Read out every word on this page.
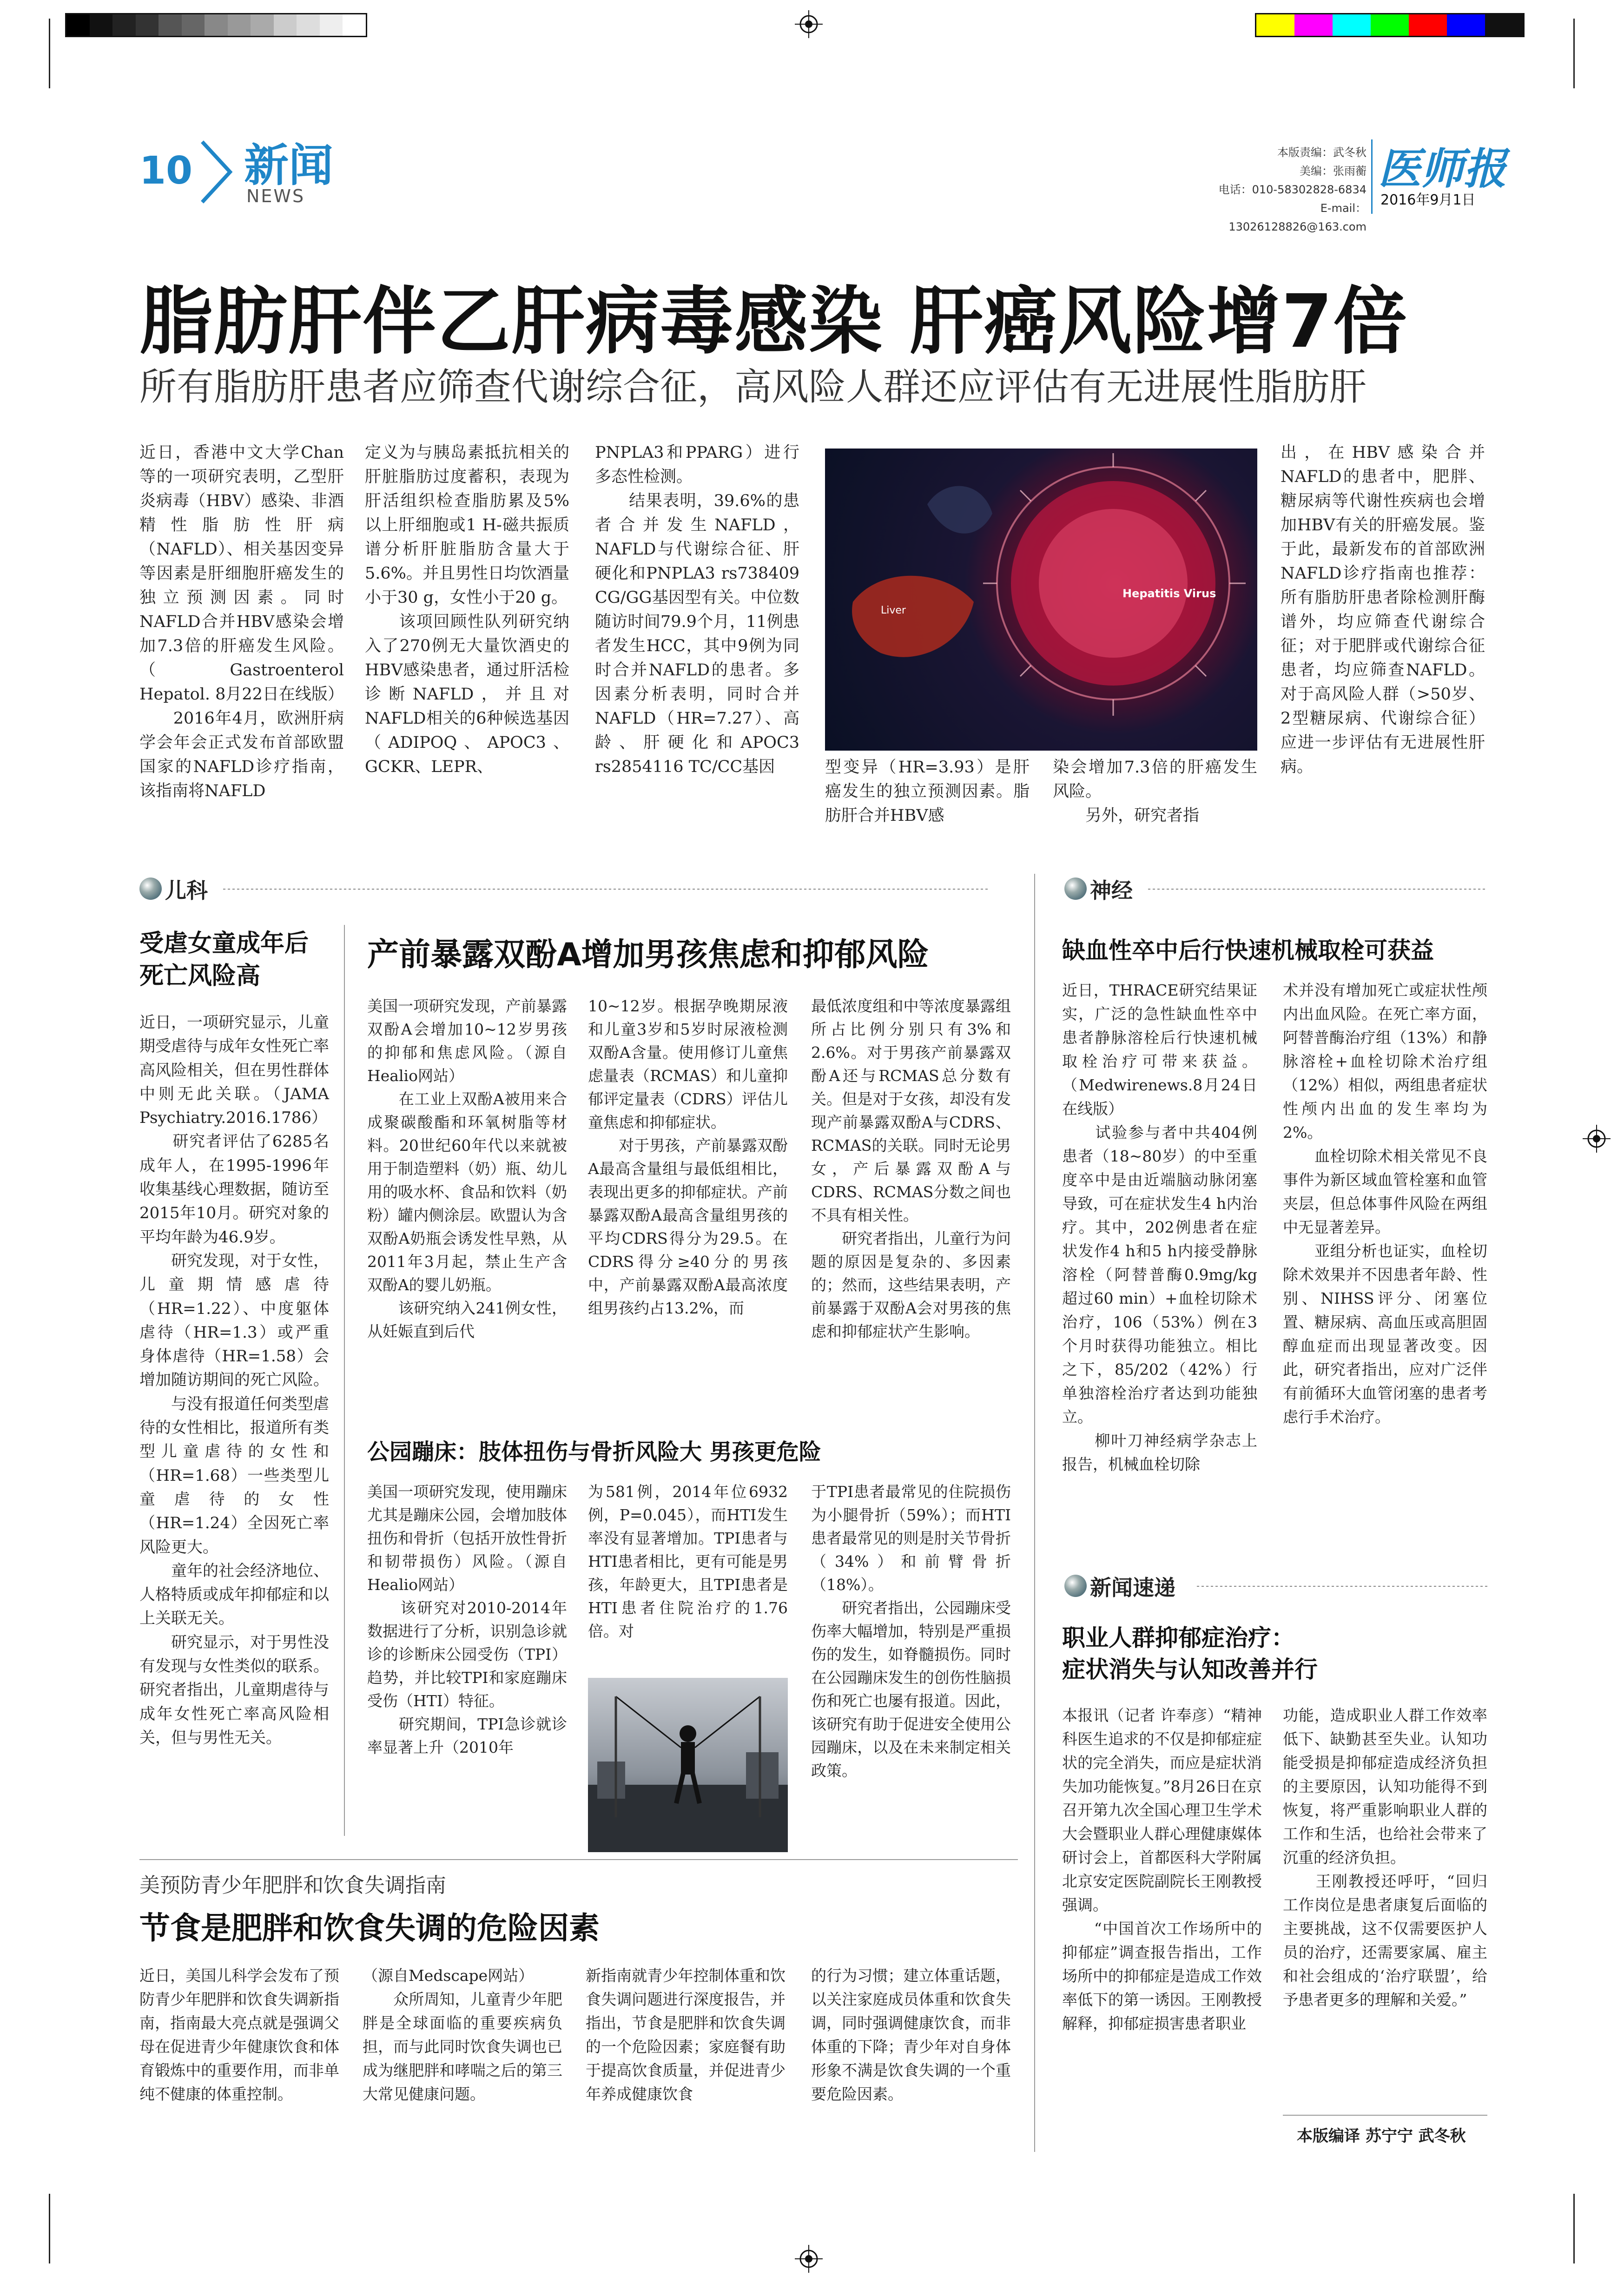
10 新闻
NEWS
本版责编：武冬秋
美编：张雨蘅
电话：010-58302828-6834
E-mail：13026128826@163.com
医师报
2016年9月1日
脂肪肝伴乙肝病毒感染 肝癌风险增7倍
所有脂肪肝患者应筛查代谢综合征，高风险人群还应评估有无进展性脂肪肝
近日，香港中文大学Chan等的一项研究表明，乙型肝炎病毒（HBV）感染、非酒精性脂肪性肝病（NAFLD）、相关基因变异等因素是肝细胞肝癌发生的独立预测因素。同时NAFLD合并HBV感染会增加7.3倍的肝癌发生风险。（Gastroenterol Hepatol. 8月22日在线版）
　　2016年4月，欧洲肝病学会年会正式发布首部欧盟国家的NAFLD诊疗指南，该指南将NAFLD
定义为与胰岛素抵抗相关的肝脏脂肪过度蓄积，表现为肝活组织检查脂肪累及5%以上肝细胞或1 H-磁共振质谱分析肝脏脂肪含量大于5.6%。并且男性日均饮酒量小于30 g，女性小于20 g。
　　该项回顾性队列研究纳入了270例无大量饮酒史的HBV感染患者，通过肝活检诊断NAFLD，并且对NAFLD相关的6种候选基因（ADIPOQ、APOC3、GCKR、LEPR、
PNPLA3和PPARG）进行多态性检测。
　　结果表明，39.6%的患者合并发生NAFLD，NAFLD与代谢综合征、肝硬化和PNPLA3 rs738409 CG/GG基因型有关。中位数随访时间79.9个月，11例患者发生HCC，其中9例为同时合并NAFLD的患者。多因素分析表明，同时合并NAFLD（HR=7.27）、高龄、肝硬化和APOC3 rs2854116 TC/CC基因	型变异（HR=3.93）是肝癌发生的独立预测因素。脂肪肝合并HBV感
染会增加7.3倍的肝癌发生风险。
　　另外，研究者指
出，在HBV感染合并NAFLD的患者中，肥胖、糖尿病等代谢性疾病也会增加HBV有关的肝癌发展。鉴于此，最新发布的首部欧洲NAFLD诊疗指南也推荐：所有脂肪肝患者除检测肝酶谱外，均应筛查代谢综合征；对于肥胖或代谢综合征患者，均应筛查NAFLD。对于高风险人群（>50岁、2型糖尿病、代谢综合征）应进一步评估有无进展性肝病。
Liver
Hepatitis Virus
儿科	神经
受虐女童成年后
死亡风险高
近日，一项研究显示，儿童期受虐待与成年女性死亡率高风险相关，但在男性群体中则无此关联。（JAMA Psychiatry.2016.1786）
　　研究者评估了6285名成年人，在1995-1996年收集基线心理数据，随访至2015年10月。研究对象的平均年龄为46.9岁。
　　研究发现，对于女性，儿童期情感虐待（HR=1.22）、中度躯体虐待（HR=1.3）或严重身体虐待（HR=1.58）会增加随访期间的死亡风险。
　　与没有报道任何类型虐待的女性相比，报道所有类型儿童虐待的女性和（HR=1.68）一些类型儿童虐待的女性（HR=1.24）全因死亡率风险更大。
　　童年的社会经济地位、人格特质或成年抑郁症和以上关联无关。
　　研究显示，对于男性没有发现与女性类似的联系。研究者指出，儿童期虐待与成年女性死亡率高风险相关，但与男性无关。
产前暴露双酚A增加男孩焦虑和抑郁风险
美国一项研究发现，产前暴露双酚A会增加10~12岁男孩的抑郁和焦虑风险。（源自Healio网站）
　　在工业上双酚A被用来合成聚碳酸酯和环氧树脂等材料。20世纪60年代以来就被用于制造塑料（奶）瓶、幼儿用的吸水杯、食品和饮料（奶粉）罐内侧涂层。欧盟认为含双酚A奶瓶会诱发性早熟，从2011年3月起，禁止生产含双酚A的婴儿奶瓶。
　　该研究纳入241例女性，从妊娠直到后代
10~12岁。根据孕晚期尿液和儿童3岁和5岁时尿液检测双酚A含量。使用修订儿童焦虑量表（RCMAS）和儿童抑郁评定量表（CDRS）评估儿童焦虑和抑郁症状。
　　对于男孩，产前暴露双酚A最高含量组与最低组相比，表现出更多的抑郁症状。产前暴露双酚A最高含量组男孩的平均CDRS得分为29.5。在CDRS得分≥40分的男孩中，产前暴露双酚A最高浓度组男孩约占13.2%，而
最低浓度组和中等浓度暴露组所占比例分别只有3%和2.6%。对于男孩产前暴露双酚A还与RCMAS总分数有关。但是对于女孩，却没有发现产前暴露双酚A与CDRS、RCMAS的关联。同时无论男女，产后暴露双酚A与CDRS、RCMAS分数之间也不具有相关性。
　　研究者指出，儿童行为问题的原因是复杂的、多因素的；然而，这些结果表明，产前暴露于双酚A会对男孩的焦虑和抑郁症状产生影响。
公园蹦床：肢体扭伤与骨折风险大 男孩更危险
美国一项研究发现，使用蹦床尤其是蹦床公园，会增加肢体扭伤和骨折（包括开放性骨折和韧带损伤）风险。（源自Healio网站）
　　该研究对2010-2014年数据进行了分析，识别急诊就诊的诊断床公园受伤（TPI）趋势，并比较TPI和家庭蹦床受伤（HTI）特征。
　　研究期间，TPI急诊就诊率显著上升（2010年
为581例，2014年位6932例，P=0.045），而HTI发生率没有显著增加。TPI患者与HTI患者相比，更有可能是男孩，年龄更大，且TPI患者是HTI患者住院治疗的1.76倍。对
于TPI患者最常见的住院损伤为小腿骨折（59%）；而HTI患者最常见的则是肘关节骨折（34%）和前臂骨折（18%）。
　　研究者指出，公园蹦床受伤率大幅增加，特别是严重损伤的发生，如脊髓损伤。同时在公园蹦床发生的创伤性脑损伤和死亡也屡有报道。因此，该研究有助于促进安全使用公园蹦床，以及在未来制定相关政策。
美预防青少年肥胖和饮食失调指南
节食是肥胖和饮食失调的危险因素
近日，美国儿科学会发布了预防青少年肥胖和饮食失调新指南，指南最大亮点就是强调父母在促进青少年健康饮食和体育锻炼中的重要作用，而非单纯不健康的体重控制。
（源自Medscape网站）
　　众所周知，儿童青少年肥胖是全球面临的重要疾病负担，而与此同时饮食失调也已成为继肥胖和哮喘之后的第三大常见健康问题。
新指南就青少年控制体重和饮食失调问题进行深度报告，并指出，节食是肥胖和饮食失调的一个危险因素；家庭餐有助于提高饮食质量，并促进青少年养成健康饮食
的行为习惯；建立体重话题，以关注家庭成员体重和饮食失调，同时强调健康饮食，而非体重的下降；青少年对自身体形象不满是饮食失调的一个重要危险因素。
缺血性卒中后行快速机械取栓可获益
近日，THRACE研究结果证实，广泛的急性缺血性卒中患者静脉溶栓后行快速机械取栓治疗可带来获益。（Medwirenews.8月24日在线版）
　　试验参与者中共404例患者（18~80岁）的中至重度卒中是由近端脑动脉闭塞导致，可在症状发生4 h内治疗。其中，202例患者在症状发作4 h和5 h内接受静脉溶栓（阿替普酶0.9mg/kg超过60 min）+血栓切除术治疗，106（53%）例在3个月时获得功能独立。相比之下，85/202（42%）行单独溶栓治疗者达到功能独立。
　　柳叶刀神经病学杂志上报告，机械血栓切除
术并没有增加死亡或症状性颅内出血风险。在死亡率方面，阿替普酶治疗组（13%）和静脉溶栓+血栓切除术治疗组（12%）相似，两组患者症状性颅内出血的发生率均为2%。
　　血栓切除术相关常见不良事件为新区域血管栓塞和血管夹层，但总体事件风险在两组中无显著差异。
　　亚组分析也证实，血栓切除术效果并不因患者年龄、性别、NIHSS评分、闭塞位置、糖尿病、高血压或高胆固醇血症而出现显著改变。因此，研究者指出，应对广泛伴有前循环大血管闭塞的患者考虑行手术治疗。
新闻速递
职业人群抑郁症治疗：
症状消失与认知改善并行
本报讯（记者 许奉彦）“精神科医生追求的不仅是抑郁症症状的完全消失，而应是症状消失加功能恢复。”8月26日在京召开第九次全国心理卫生学术大会暨职业人群心理健康媒体研讨会上，首都医科大学附属北京安定医院副院长王刚教授强调。
　　“中国首次工作场所中的抑郁症”调查报告指出，工作场所中的抑郁症是造成工作效率低下的第一诱因。王刚教授解释，抑郁症损害患者职业
功能，造成职业人群工作效率低下、缺勤甚至失业。认知功能受损是抑郁症造成经济负担的主要原因，认知功能得不到恢复，将严重影响职业人群的工作和生活，也给社会带来了沉重的经济负担。
　　王刚教授还呼吁，“回归工作岗位是患者康复后面临的主要挑战，这不仅需要医护人员的治疗，还需要家属、雇主和社会组成的‘治疗联盟’，给予患者更多的理解和关爱。”
本版编译 苏宁宁 武冬秋
